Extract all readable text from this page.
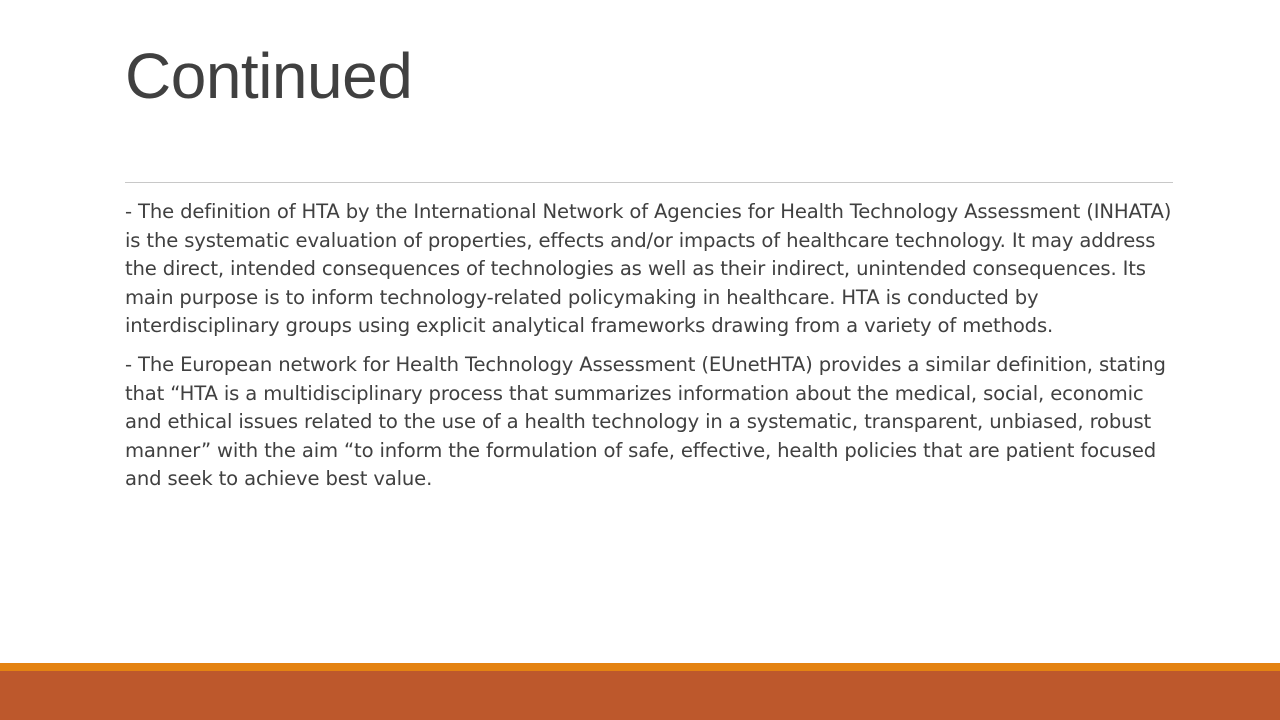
Continued

- The definition of HTA by the International Network of Agencies for Health Technology Assessment (INHATA) is the systematic evaluation of properties, effects and/or impacts of healthcare technology. It may address the direct, intended consequences of technologies as well as their indirect, unintended consequences. Its main purpose is to inform technology-related policymaking in healthcare. HTA is conducted by interdisciplinary groups using explicit analytical frameworks drawing from a variety of methods.

- The European network for Health Technology Assessment (EUnetHTA) provides a similar definition, stating that “HTA is a multidisciplinary process that summarizes information about the medical, social, economic and ethical issues related to the use of a health technology in a systematic, transparent, unbiased, robust manner” with the aim “to inform the formulation of safe, effective, health policies that are patient focused and seek to achieve best value.
